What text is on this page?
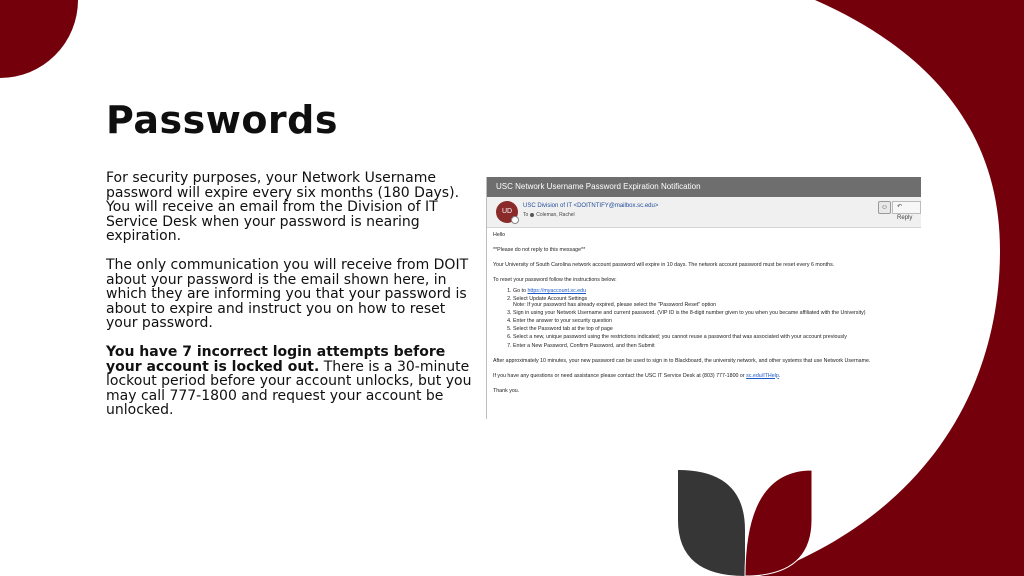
Passwords

For security purposes, your Network Username password will expire every six months (180 Days). You will receive an email from the Division of IT Service Desk when your password is nearing expiration.

The only communication you will receive from DOIT about your password is the email shown here, in which they are informing you that your password is about to expire and instruct you on how to reset your password.

You have 7 incorrect login attempts before your account is locked out. There is a 30-minute lockout period before your account unlocks, but you may call 777-1800 and request your account be unlocked.

USC Network Username Password Expiration Notification
UD
USC Division of IT <DOITNTIFY@mailbox.sc.edu>
To Coleman, Rachel
☺	↶ Reply

Hello

**Please do not reply to this message**

Your University of South Carolina network account password will expire in 10 days. The network account password must be reset every 6 months.

To reset your password follow the instructions below:

1. Go to https://myaccount.sc.edu
2. Select Update Account Settings
Note: If your password has already expired, please select the "Password Reset" option
3. Sign in using your Network Username and current password. (VIP ID is the 8-digit number given to you when you became affiliated with the University)
4. Enter the answer to your security question
5. Select the Password tab at the top of page
6. Select a new, unique password using the restrictions indicated; you cannot reuse a password that was associated with your account previously
7. Enter a New Password, Confirm Password, and then Submit

After approximately 10 minutes, your new password can be used to sign in to Blackboard, the university network, and other systems that use Network Username.

If you have any questions or need assistance please contact the USC IT Service Desk at (803) 777-1800 or sc.edu/ITHelp.

Thank you.
